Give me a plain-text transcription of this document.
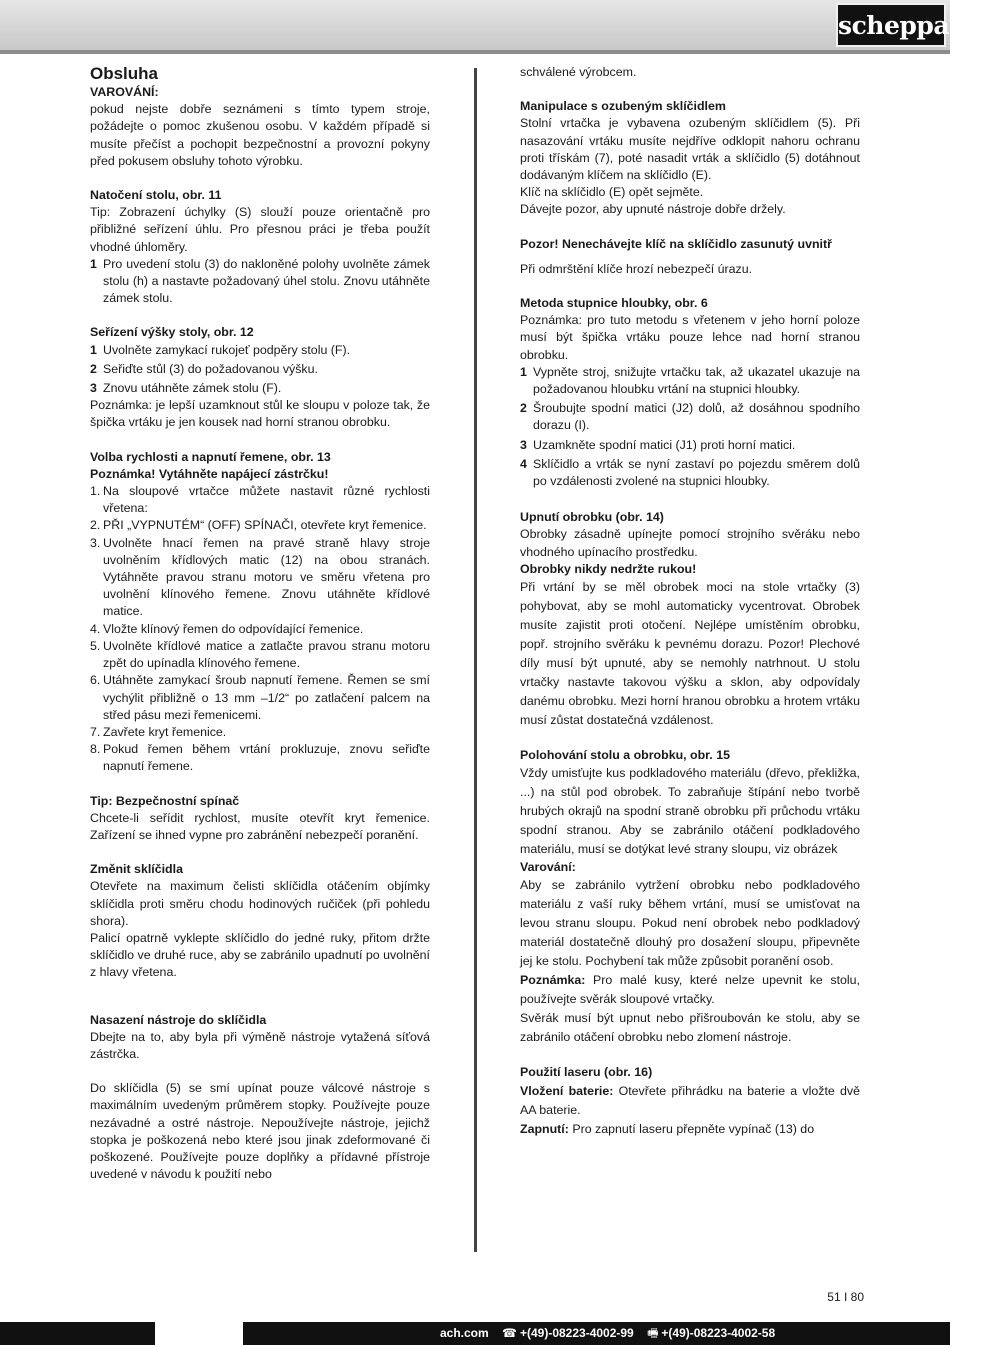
scheppach

Obsluha

VAROVÁNÍ:

pokud nejste dobře seznámeni s tímto typem stroje, požádejte o pomoc zkušenou osobu. V každém případě si musíte přečíst a pochopit bezpečnostní a provozní pokyny před pokusem obsluhy tohoto výrobku.

Natočení stolu, obr. 11

Tip: Zobrazení úchylky (S) slouží pouze orientačně pro přibližné seřízení úhlu. Pro přesnou práci je třeba použít vhodné úhloměry.

1 Pro uvedení stolu (3) do nakloněné polohy uvolněte zámek stolu (h) a nastavte požadovaný úhel stolu. Znovu utáhněte zámek stolu.

Seřízení výšky stoly, obr. 12

1 Uvolněte zamykací rukojeť podpěry stolu (F).
2 Seřiďte stůl (3) do požadovanou výšku.
3 Znovu utáhněte zámek stolu (F).

Poznámka: je lepší uzamknout stůl ke sloupu v poloze tak, že špička vrtáku je jen kousek nad horní stranou obrobku.

Volba rychlosti a napnutí řemene, obr. 13

Poznámka! Vytáhněte napájecí zástrčku!

1. Na sloupové vrtačce můžete nastavit různé rychlosti vřetena:
2. PŘI „VYPNUTÉM“ (OFF) SPÍNAČI, otevřete kryt řemenice.
3. Uvolněte hnací řemen na pravé straně hlavy stroje uvolněním křídlových matic (12) na obou stranách. Vytáhněte pravou stranu motoru ve směru vřetena pro uvolnění klínového řemene. Znovu utáhněte křídlové matice.
4. Vložte klínový řemen do odpovídající řemenice.
5. Uvolněte křídlové matice a zatlačte pravou stranu motoru zpět do upínadla klínového řemene.
6. Utáhněte zamykací šroub napnutí řemene. Řemen se smí vychýlit přibližně o 13 mm –1/2“ po zatlačení palcem na střed pásu mezi řemenicemi.
7. Zavřete kryt řemenice.
8. Pokud řemen během vrtání prokluzuje, znovu seřiďte napnutí řemene.

Tip: Bezpečnostní spínač

Chcete-li seřídit rychlost, musíte otevřít kryt řemenice. Zařízení se ihned vypne pro zabránění nebezpečí poranění.

Změnit sklíčidla

Otevřete na maximum čelisti sklíčidla otáčením objímky sklíčidla proti směru chodu hodinových ručiček (při pohledu shora).

Palicí opatrně vyklepte sklíčidlo do jedné ruky, přitom držte sklíčidlo ve druhé ruce, aby se zabránilo upadnutí po uvolnění z hlavy vřetena.

Nasazení nástroje do sklíčidla

Dbejte na to, aby byla při výměně nástroje vytažená síťová zástrčka.

Do sklíčidla (5) se smí upínat pouze válcové nástroje s maximálním uvedeným průměrem stopky. Používejte pouze nezávadné a ostré nástroje. Nepoužívejte nástroje, jejichž stopka je poškozená nebo které jsou jinak zdeformované či poškozené. Používejte pouze doplňky a přídavné přístroje uvedené v návodu k použití nebo

schválené výrobcem.

Manipulace s ozubeným sklíčidlem

Stolní vrtačka je vybavena ozubeným sklíčidlem (5). Při nasazování vrtáku musíte nejdříve odklopit nahoru ochranu proti třískám (7), poté nasadit vrták a sklíčidlo (5) dotáhnout dodávaným klíčem na sklíčidlo (E).

Klíč na sklíčidlo (E) opět sejměte.

Dávejte pozor, aby upnuté nástroje dobře držely.

Pozor! Nenechávejte klíč na sklíčidlo zasunutý uvnitř

Při odmrštění klíče hrozí nebezpečí úrazu.

Metoda stupnice hloubky, obr. 6

Poznámka: pro tuto metodu s vřetenem v jeho horní poloze musí být špička vrtáku pouze lehce nad horní stranou obrobku.

1 Vypněte stroj, snižujte vrtačku tak, až ukazatel ukazuje na požadovanou hloubku vrtání na stupnici hloubky.
2 Šroubujte spodní matici (J2) dolů, až dosáhnou spodního dorazu (I).
3 Uzamkněte spodní matici (J1) proti horní matici.
4 Sklíčidlo a vrták se nyní zastaví po pojezdu směrem dolů po vzdálenosti zvolené na stupnici hloubky.

Upnutí obrobku (obr. 14)

Obrobky zásadně upínejte pomocí strojního svěráku nebo vhodného upínacího prostředku.

Obrobky nikdy nedržte rukou!

Při vrtání by se měl obrobek moci na stole vrtačky (3) pohybovat, aby se mohl automaticky vycentrovat. Obrobek musíte zajistit proti otočení. Nejlépe umístěním obrobku, popř. strojního svěráku k pevnému dorazu. Pozor! Plechové díly musí být upnuté, aby se nemohly natrhnout. U stolu vrtačky nastavte takovou výšku a sklon, aby odpovídaly danému obrobku. Mezi horní hranou obrobku a hrotem vrtáku musí zůstat dostatečná vzdálenost.

Polohování stolu a obrobku, obr. 15

Vždy umisťujte kus podkladového materiálu (dřevo, překližka, ...) na stůl pod obrobek. To zabraňuje štípání nebo tvorbě hrubých okrajů na spodní straně obrobku při průchodu vrtáku spodní stranou. Aby se zabránilo otáčení podkladového materiálu, musí se dotýkat levé strany sloupu, viz obrázek

Varování:

Aby se zabránilo vytržení obrobku nebo podkladového materiálu z vaší ruky během vrtání, musí se umisťovat na levou stranu sloupu. Pokud není obrobek nebo podkladový materiál dostatečně dlouhý pro dosažení sloupu, připevněte jej ke stolu. Pochybení tak může způsobit poranění osob.

Poznámka: Pro malé kusy, které nelze upevnit ke stolu, používejte svěrák sloupové vrtačky.

Svěrák musí být upnut nebo přišroubován ke stolu, aby se zabránilo otáčení obrobku nebo zlomení nástroje.

Použití laseru (obr. 16)

Vložení baterie: Otevřete přihrádku na baterie a vložte dvě AA baterie.

Zapnutí: Pro zapnutí laseru přepněte vypínač (13) do

51 I 80
ach.com ☎ +(49)-08223-4002-99 🖷 +(49)-08223-4002-58
